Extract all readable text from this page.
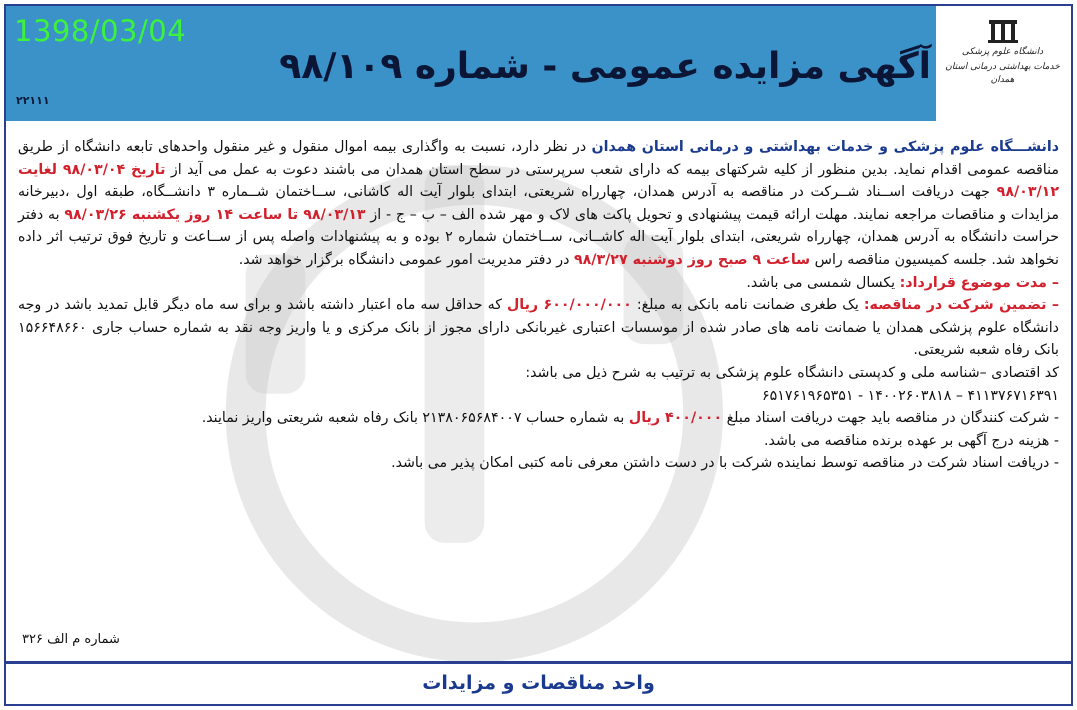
1398/03/04
۲۲۱۱۱
آگهی مزایده عمومی - شماره ۹۸/۱۰۹	دانشگاه علوم پزشکی
خدمات بهداشتی درمانی استان همدان

دانشـــگاه علوم پزشکی و خدمات بهداشتی و درمانی استان همدان در نظر دارد، نسبت به واگذاری بیمه اموال منقول و غیر منقول واحدهای تابعه دانشگاه از طریق مناقصه عمومی اقدام نماید. بدین منظور از کلیه شرکتهای بیمه که دارای شعب سرپرستی در سطح استان همدان می باشند دعوت به عمل می آید از تاریخ ۹۸/۰۳/۰۴ لغایت ۹۸/۰۳/۱۲ جهت دریافت اســناد شــرکت در مناقصه به آدرس همدان، چهارراه شریعتی، ابتدای بلوار آیت اله کاشانی، ســاختمان شــماره ۳ دانشــگاه، طبقه اول ،دبیرخانه مزایدات و مناقصات مراجعه نمایند. مهلت ارائه قیمت پیشنهادی و تحویل پاکت های لاک و مهر شده الف – ب – ج - از ۹۸/۰۳/۱۳ تا ساعت ۱۴ روز یکشنبه ۹۸/۰۳/۲۶ به دفتر حراست دانشگاه به آدرس همدان، چهارراه شریعتی، ابتدای بلوار آیت اله کاشــانی، ســاختمان شماره ۲ بوده و به پیشنهادات واصله پس از ســاعت و تاریخ فوق ترتیب اثر داده نخواهد شد. جلسه کمیسیون مناقصه راس ساعت ۹ صبح روز دوشنبه ۹۸/۳/۲۷ در دفتر مدیریت امور عمومی دانشگاه برگزار خواهد شد.

– مدت موضوع قرارداد: یکسال شمسی می باشد.

– تضمین شرکت در مناقصه: یک طغری ضمانت نامه بانکی به مبلغ: ۶۰۰/۰۰۰/۰۰۰ ریال که حداقل سه ماه اعتبار داشته باشد و برای سه ماه دیگر قابل تمدید باشد در وجه دانشگاه علوم پزشکی همدان یا ضمانت نامه های صادر شده از موسسات اعتباری غیربانکی دارای مجوز از بانک مرکزی و یا واریز وجه نقد به شماره حساب جاری ۱۵۶۶۴۸۶۶۰ بانک رفاه شعبه شریعتی.

کد اقتصادی –شناسه ملی و کدپستی دانشگاه علوم پزشکی به ترتیب به شرح ذیل می باشد:

۴۱۱۳۷۶۷۱۶۳۹۱ – ۱۴۰۰۲۶۰۳۸۱۸ - ۶۵۱۷۶۱۹۶۵۳۵۱

- شرکت کنندگان در مناقصه باید جهت دریافت اسناد مبلغ ۴۰۰/۰۰۰ ریال به شماره حساب ۲۱۳۸۰۶۵۶۸۴۰۰۷ بانک رفاه شعبه شریعتی واریز نمایند.

- هزینه درج آگهی بر عهده برنده مناقصه می باشد.

- دریافت اسناد شرکت در مناقصه توسط نماینده شرکت با در دست داشتن معرفی نامه کتبی امکان پذیر می باشد.

شماره م الف ۳۲۶
واحد مناقصات و مزایدات
